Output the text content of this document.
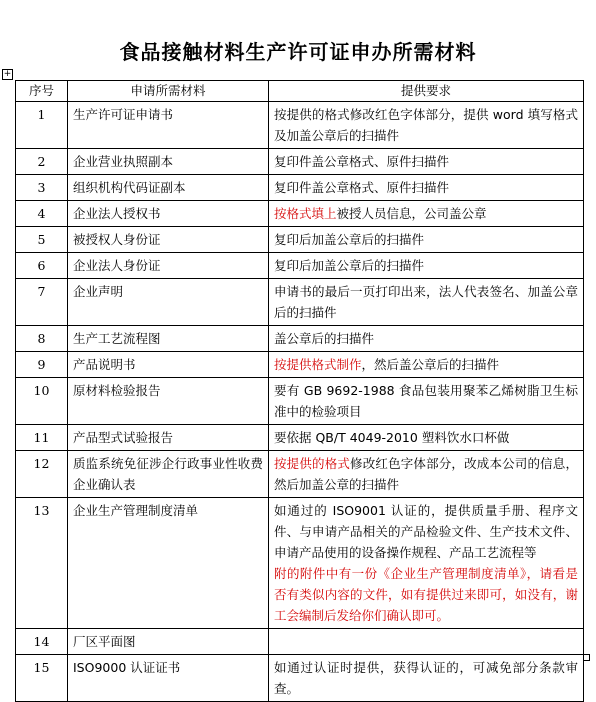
食品接触材料生产许可证申办所需材料
+
序号	申请所需材料	提供要求
1	生产许可证申请书	按提供的格式修改红色字体部分，提供 word 填写格式及加盖公章后的扫描件
2	企业营业执照副本	复印件盖公章格式、原件扫描件
3	组织机构代码证副本	复印件盖公章格式、原件扫描件
4	企业法人授权书	按格式填上被授人员信息，公司盖公章
5	被授权人身份证	复印后加盖公章后的扫描件
6	企业法人身份证	复印后加盖公章后的扫描件
7	企业声明	申请书的最后一页打印出来，法人代表签名、加盖公章后的扫描件
8	生产工艺流程图	盖公章后的扫描件
9	产品说明书	按提供格式制作，然后盖公章后的扫描件
10	原材料检验报告	要有 GB 9692-1988 食品包装用聚苯乙烯树脂卫生标准中的检验项目
11	产品型式试验报告	要依据 QB/T 4049-2010 塑料饮水口杯做
12	质监系统免征涉企行政事业性收费企业确认表	按提供的格式修改红色字体部分，改成本公司的信息，然后加盖公章的扫描件
13	企业生产管理制度清单	如通过的 ISO9001 认证的，提供质量手册、程序文件、与申请产品相关的产品检验文件、生产技术文件、申请产品使用的设备操作规程、产品工艺流程等
附的附件中有一份《企业生产管理制度清单》，请看是否有类似内容的文件，如有提供过来即可，如没有，谢工会编制后发给你们确认即可。

14	厂区平面图	
15	ISO9000 认证证书	如通过认证时提供，获得认证的，可减免部分条款审查。
